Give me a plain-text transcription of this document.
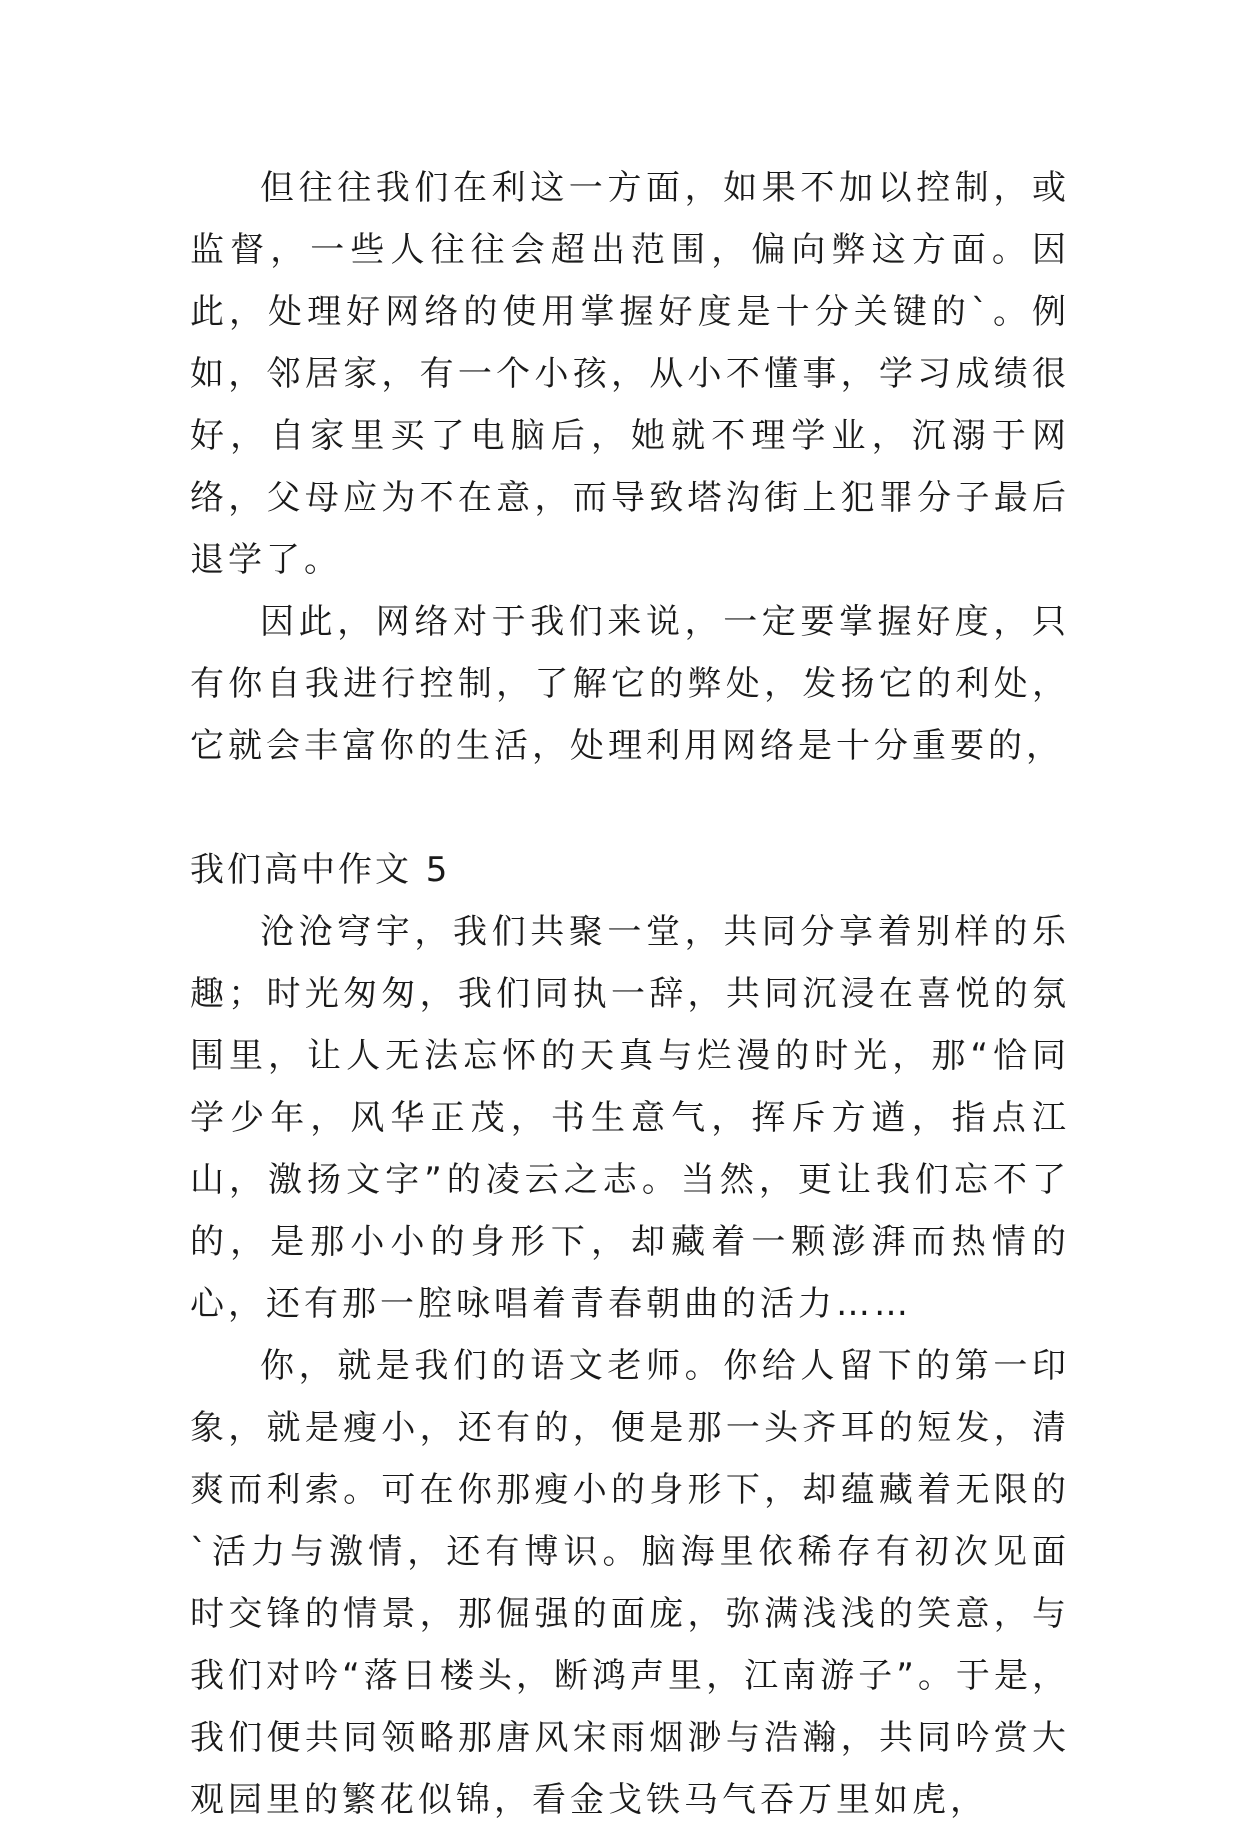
但往往我们在利这一方面，如果不加以控制，或监督，一些人往往会超出范围，偏向弊这方面。因此，处理好网络的使用掌握好度是十分关键的`。例如，邻居家，有一个小孩，从小不懂事，学习成绩很好，自家里买了电脑后，她就不理学业，沉溺于网络，父母应为不在意，而导致塔沟街上犯罪分子最后退学了。

因此，网络对于我们来说，一定要掌握好度，只有你自我进行控制，了解它的弊处，发扬它的利处，它就会丰富你的生活，处理利用网络是十分重要的，

我们高中作文 5

沧沧穹宇，我们共聚一堂，共同分享着别样的乐趣；时光匆匆，我们同执一辞，共同沉浸在喜悦的氛围里，让人无法忘怀的天真与烂漫的时光，那“恰同学少年，风华正茂，书生意气，挥斥方遒，指点江山，激扬文字”的凌云之志。当然，更让我们忘不了的，是那小小的身形下，却藏着一颗澎湃而热情的心，还有那一腔咏唱着青春朝曲的活力……

你，就是我们的语文老师。你给人留下的第一印象，就是瘦小，还有的，便是那一头齐耳的短发，清爽而利索。可在你那瘦小的身形下，却蕴藏着无限的`活力与激情，还有博识。脑海里依稀存有初次见面时交锋的情景，那倔强的面庞，弥满浅浅的笑意，与我们对吟“落日楼头，断鸿声里，江南游子”。于是，我们便共同领略那唐风宋雨烟渺与浩瀚，共同吟赏大观园里的繁花似锦，看金戈铁马气吞万里如虎，
